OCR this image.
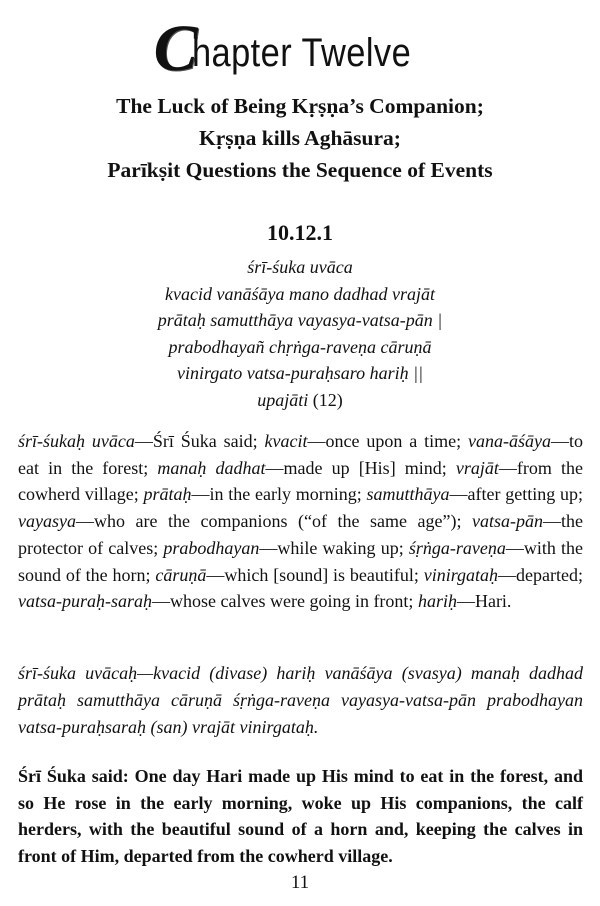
Chapter Twelve
The Luck of Being Kṛṣṇa’s Companion;
Kṛṣṇa kills Aghāsura;
Parīkṣit Questions the Sequence of Events
10.12.1
śrī-śuka uvāca
kvacid vanāśāya mano dadhad vrajāt
prātaḥ samutthāya vayasya-vatsa-pān |
prabodhayañ chṛṅga-raveṇa cāruṇā
vinirgato vatsa-puraḥsaro hariḥ ||
upajāti (12)
śrī-śukaḥ uvāca—Śrī Śuka said; kvacit—once upon a time; vana-āśāya—to eat in the forest; manaḥ dadhat—made up [His] mind; vrajāt—from the cowherd village; prātaḥ—in the early morning; samutthāya—after getting up; vayasya—who are the companions (“of the same age”); vatsa-pān—the protector of calves; prabodhayan—while waking up; śṛṅga-raveṇa—with the sound of the horn; cāruṇā—which [sound] is beautiful; vinirgataḥ—departed; vatsa-puraḥ-saraḥ—whose calves were going in front; hariḥ—Hari.
śrī-śuka uvācaḥ—kvacid (divase) hariḥ vanāśāya (svasya) manaḥ dadhad prātaḥ samutthāya cāruṇā śṛṅga-raveṇa vayasya-vatsa-pān prabodhayan vatsa-puraḥsaraḥ (san) vrajāt vinirgataḥ.
Śrī Śuka said: One day Hari made up His mind to eat in the forest, and so He rose in the early morning, woke up His companions, the calf herders, with the beautiful sound of a horn and, keeping the calves in front of Him, departed from the cowherd village.
11
